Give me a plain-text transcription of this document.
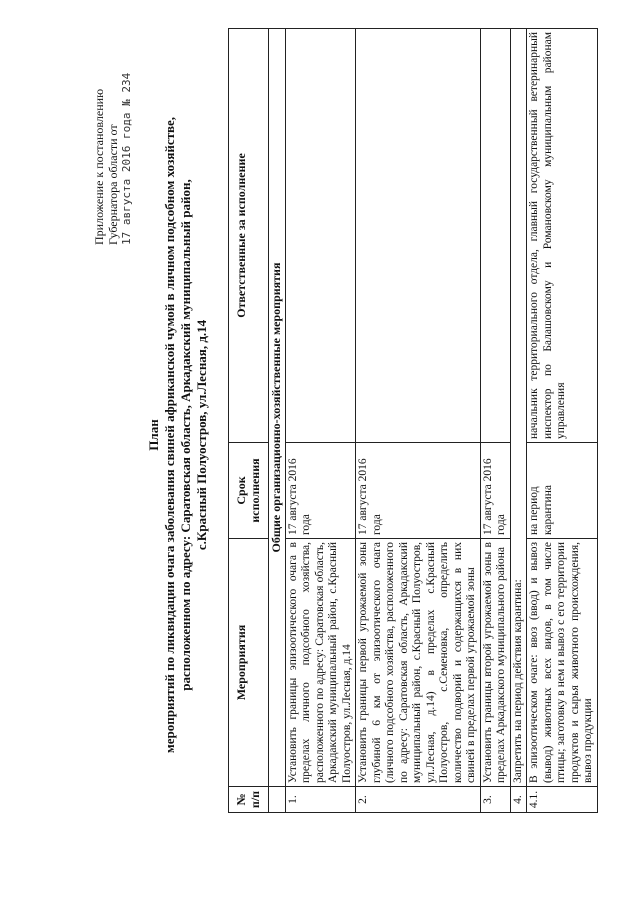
Приложение к постановлению Губернатора области от 17 августа 2016 года № 234
План мероприятий по ликвидации очага заболевания свиней африканской чумой в личном подсобном хозяйстве, расположенном по адресу: Саратовская область, Аркадакский муниципальный район, с.Красный Полуостров, ул.Лесная, д.14
№ п/п	Мероприятия	Срок исполнения	Ответственные за исполнение
	Общие организационно-хозяйственные мероприятия		
1.	Установить границы эпизоотического очага в пределах личного подсобного хозяйства, расположенного по адресу: Саратовская область, Аркадакский муниципальный район, с.Красный Полуостров, ул.Лесная, д.14	17 августа 2016 года	
2.	Установить границы первой угрожаемой зоны глубиной 6 км от эпизоотического очага (личного подсобного хозяйства, расположенного по адресу: Саратовская область, Аркадакский муниципальный район, с.Красный Полуостров, ул.Лесная, д.14) в пределах с.Красный Полуостров, с.Семеновка, определить количество подворий и содержащихся в них свиней в пределах первой угрожаемой зоны	17 августа 2016 года	
3.	Установить границы второй угрожаемой зоны в пределах Аркадакского муниципального района	17 августа 2016 года	
4.	Запретить на период действия карантина:		
4.1.	В эпизоотическом очаге: ввоз (ввод) и вывоз (вывод) животных всех видов, в том числе птицы; заготовку в нем и вывоз с его территории продуктов и сырья животного происхождения, вывоз продукции	на период карантина	начальник территориального отдела, главный государственный ветеринарный инспектор по Балашовскому и Романовскому муниципальным районам управления
